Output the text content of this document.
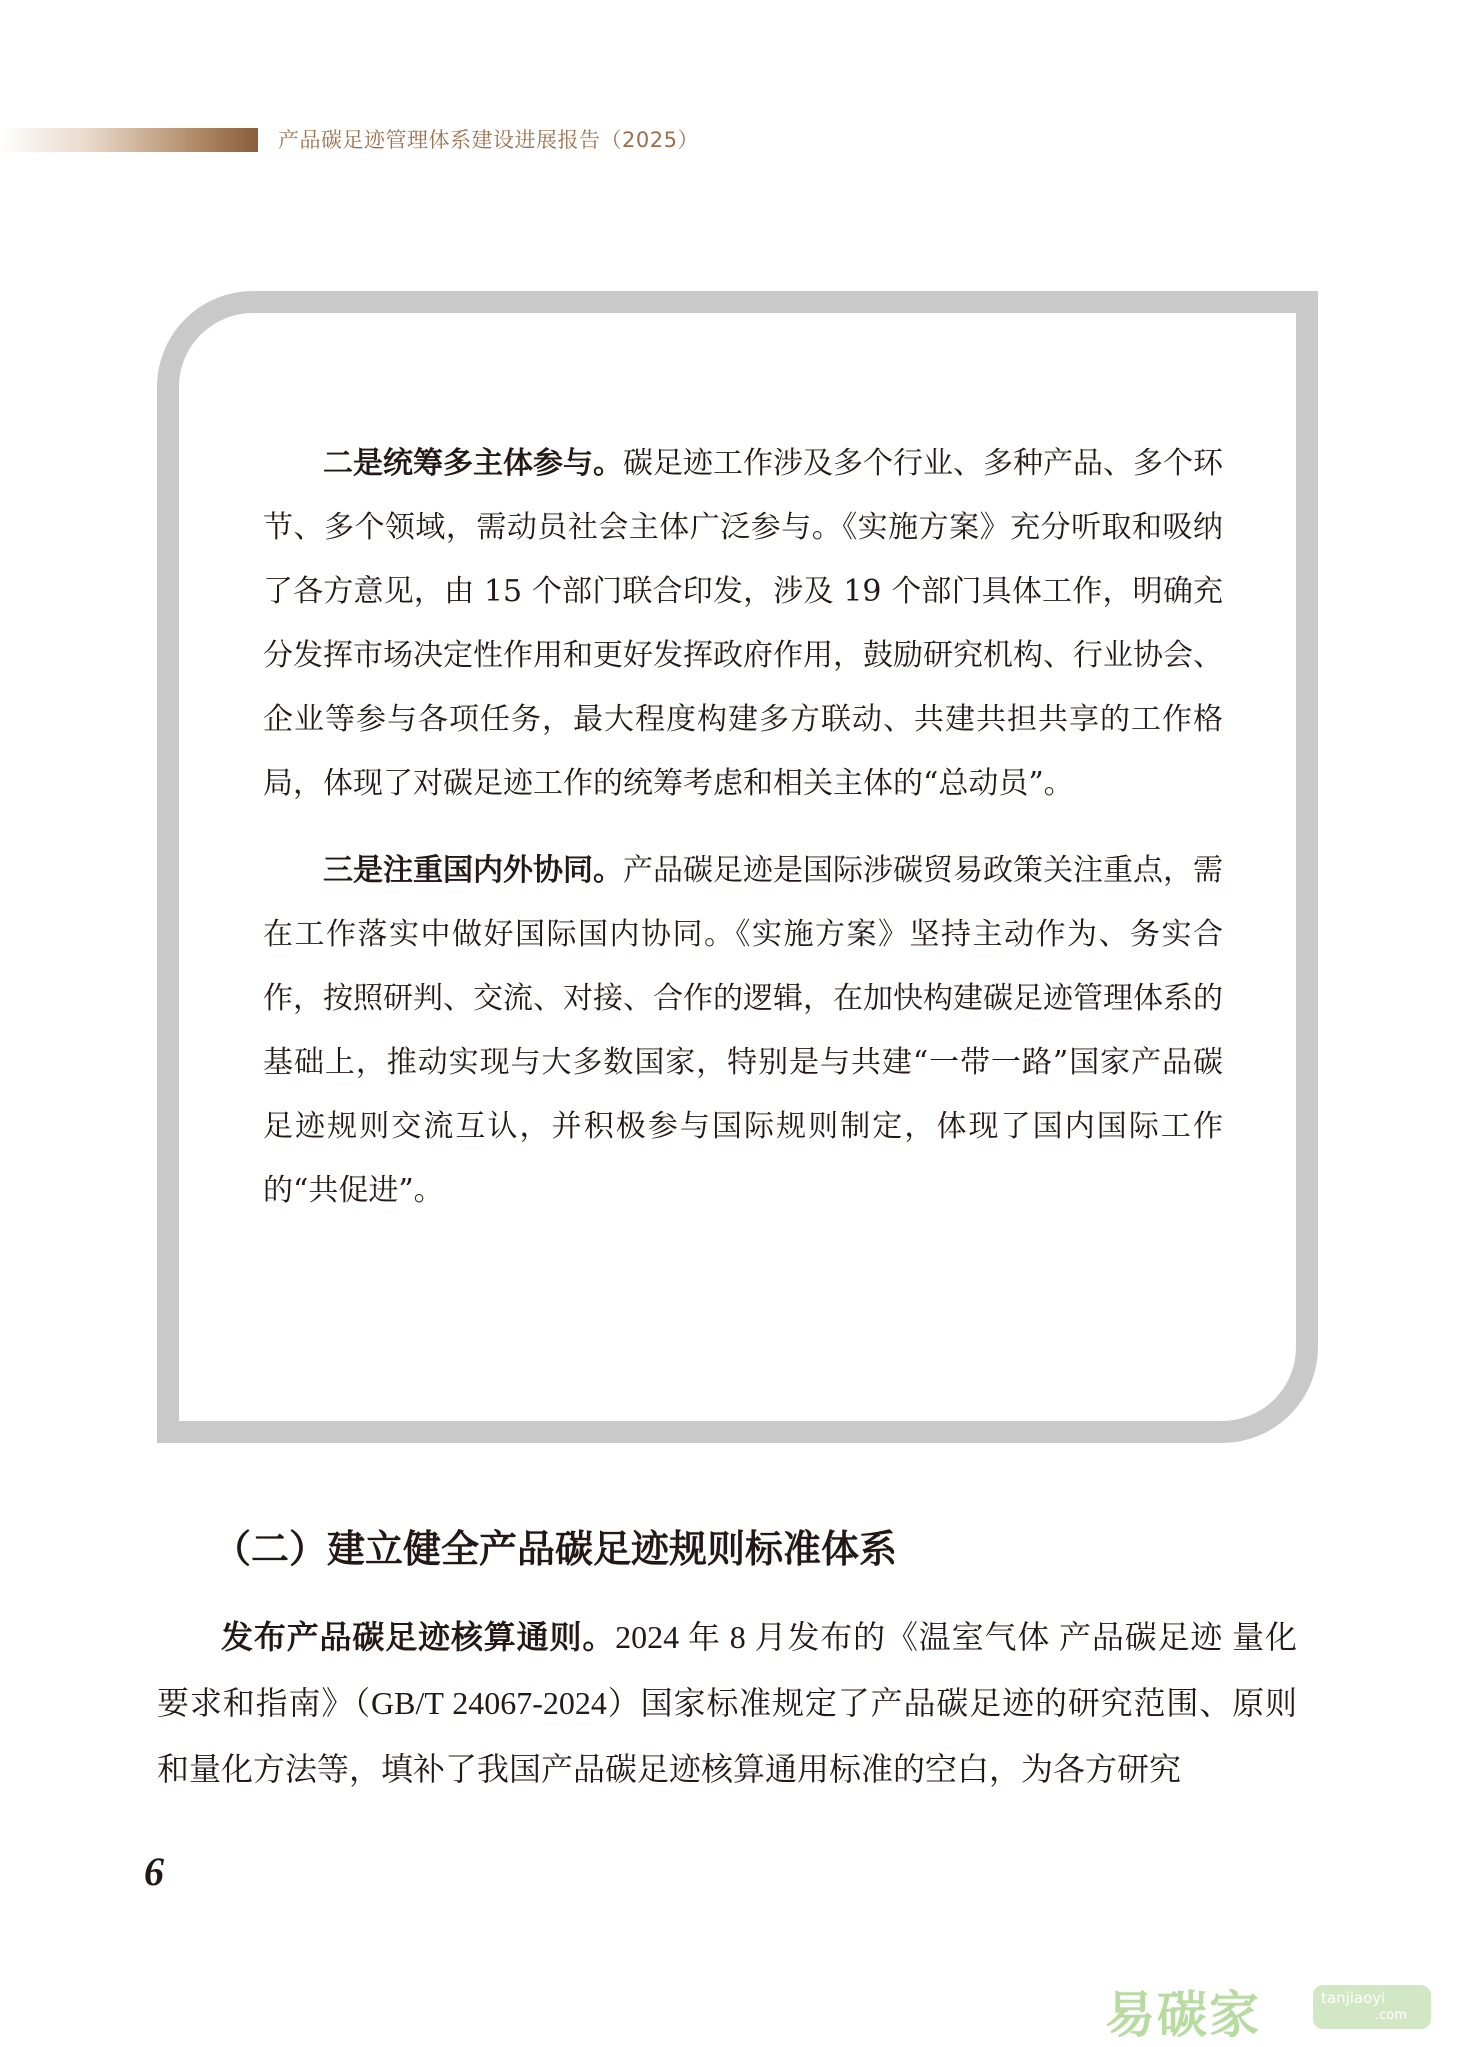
产品碳足迹管理体系建设进展报告（2025）

二是统筹多主体参与。碳足迹工作涉及多个行业、多种产品、多个环节、多个领域，需动员社会主体广泛参与。《实施方案》充分听取和吸纳了各方意见，由 15 个部门联合印发，涉及 19 个部门具体工作，明确充分发挥市场决定性作用和更好发挥政府作用，鼓励研究机构、行业协会、企业等参与各项任务，最大程度构建多方联动、共建共担共享的工作格局，体现了对碳足迹工作的统筹考虑和相关主体的“总动员”。

三是注重国内外协同。产品碳足迹是国际涉碳贸易政策关注重点，需在工作落实中做好国际国内协同。《实施方案》坚持主动作为、务实合作，按照研判、交流、对接、合作的逻辑，在加快构建碳足迹管理体系的基础上，推动实现与大多数国家，特别是与共建“一带一路”国家产品碳足迹规则交流互认，并积极参与国际规则制定，体现了国内国际工作的“共促进”。

（二）建立健全产品碳足迹规则标准体系

发布产品碳足迹核算通则。2024 年 8 月发布的《温室气体 产品碳足迹 量化要求和指南》（GB/T 24067-2024）国家标准规定了产品碳足迹的研究范围、原则和量化方法等，填补了我国产品碳足迹核算通用标准的空白，为各方研究

6
易碳家	tanjiaoyi
.com
